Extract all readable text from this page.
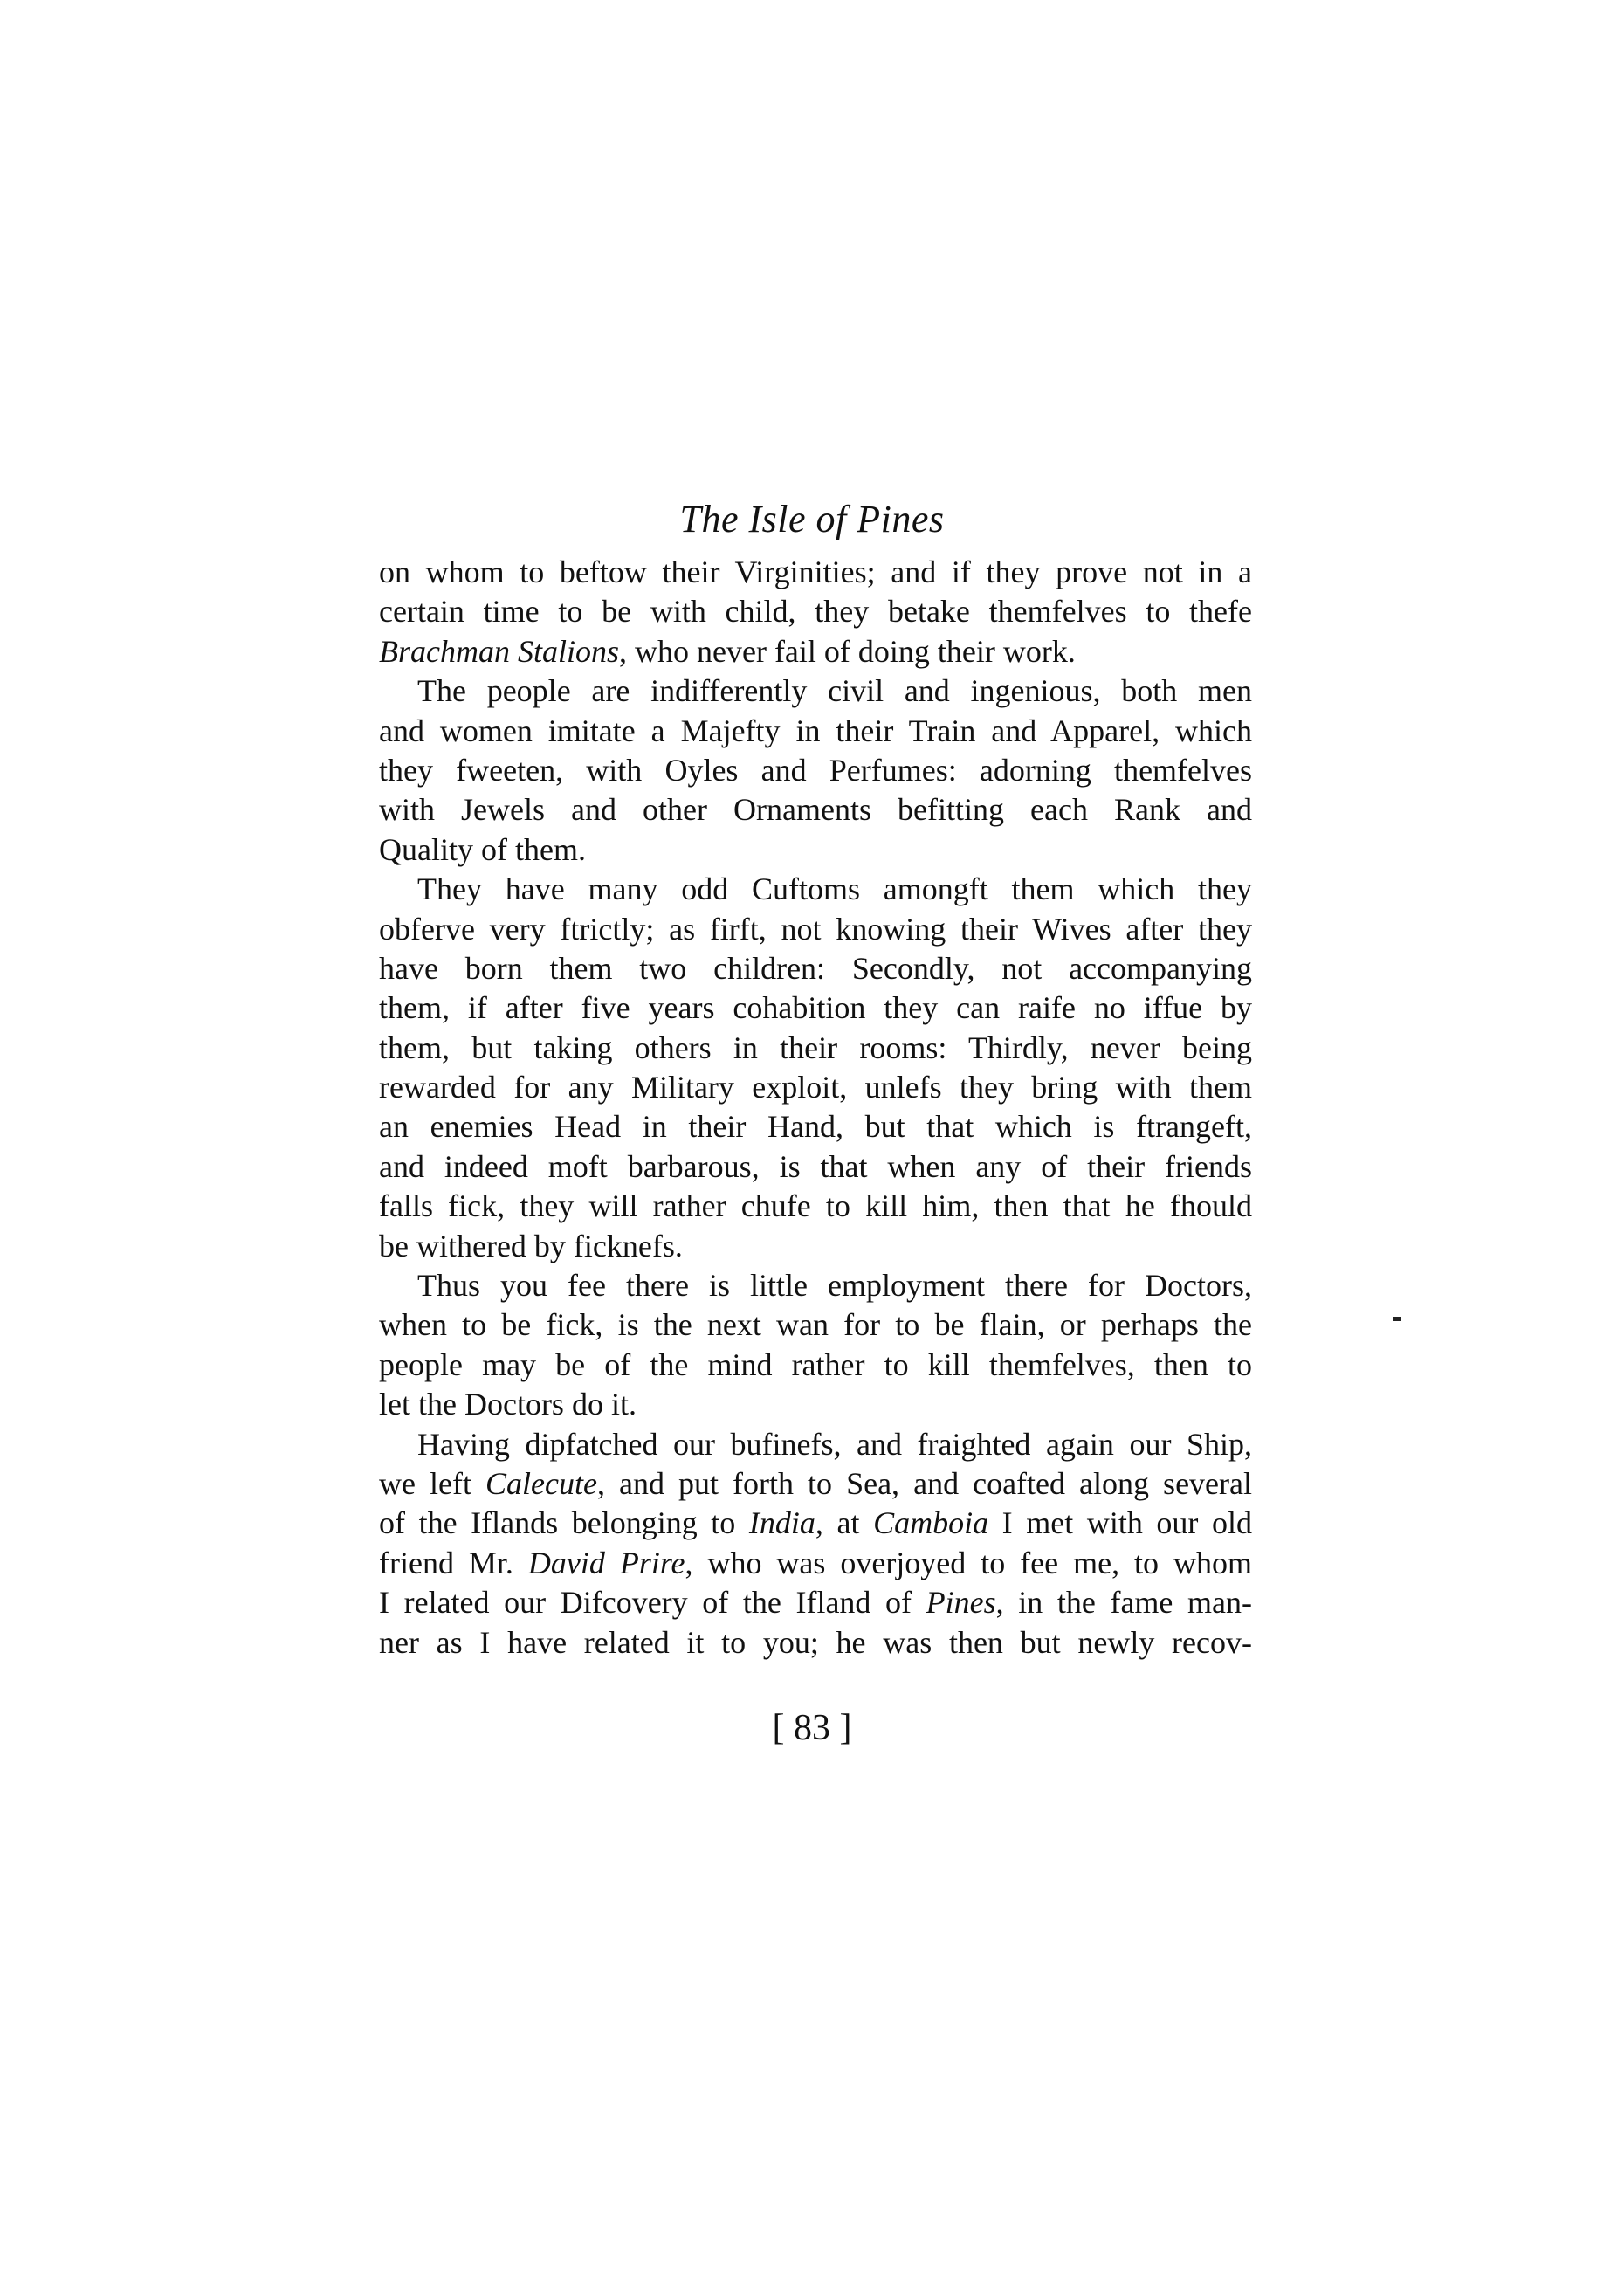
The Isle of Pines
on whom to beftow their Virginities; and if they prove not in a
certain time to be with child, they betake themfelves to thefe
Brachman Stalions, who never fail of doing their work.
The people are indifferently civil and ingenious, both men
and women imitate a Majefty in their Train and Apparel, which
they fweeten, with Oyles and Perfumes: adorning themfelves
with Jewels and other Ornaments befitting each Rank and
Quality of them.
They have many odd Cuftoms amongft them which they
obferve very ftrictly; as firft, not knowing their Wives after they
have born them two children: Secondly, not accompanying
them, if after five years cohabition they can raife no iffue by
them, but taking others in their rooms: Thirdly, never being
rewarded for any Military exploit, unlefs they bring with them
an enemies Head in their Hand, but that which is ftrangeft,
and indeed moft barbarous, is that when any of their friends
falls fick, they will rather chufe to kill him, then that he fhould
be withered by ficknefs.
Thus you fee there is little employment there for Doctors,
when to be fick, is the next wan for to be flain, or perhaps the
people may be of the mind rather to kill themfelves, then to
let the Doctors do it.
Having dipfatched our bufinefs, and fraighted again our Ship,
we left Calecute, and put forth to Sea, and coafted along several
of the Iflands belonging to India, at Camboia I met with our old
friend Mr. David Prire, who was overjoyed to fee me, to whom
I related our Difcovery of the Ifland of Pines, in the fame man-
ner as I have related it to you; he was then but newly recov-
[ 83 ]
